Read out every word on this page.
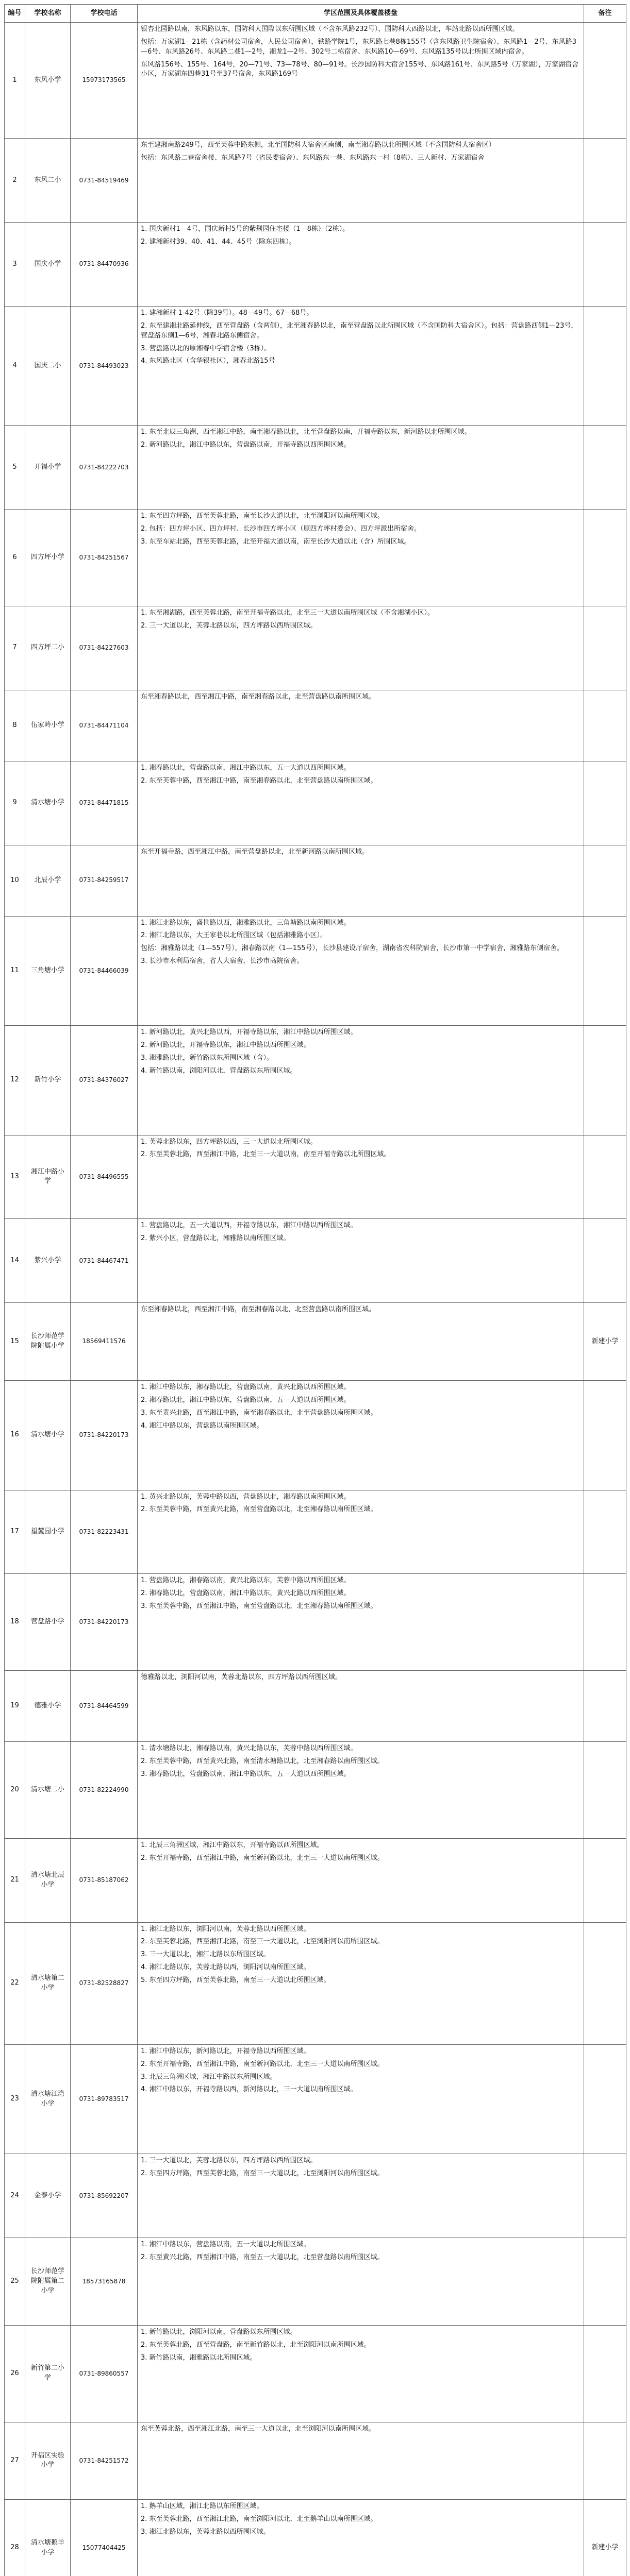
编号	学校名称	学校电话	学区范围及具体覆盖楼盘	备注
1	东风小学	15973173565	银杏北园路以南，东风路以东，国防科大国際以东所围区域（不含东风路232号），国防科大西路以北，车站北路以西所围区域。
包括：万家湖1—21栋（含药材公司宿舍，人民公司宿舍），铁路学院1号，东风路七巷8栋155号（含东风路卫生院宿舍）、东风路1—2号、东风路3—6号、东风路26号、东风路二巷1—2号，湘龙1—2号、302号二栋宿舍、东风路10—69号、东风路135号以北所围区域内宿舍。
东风路156号、155号、164号，20—71号、73—78号、80—91号。长沙国防科大宿舍155号、东风路161号、东风路5号（万家湖），万家湖宿舍小区，万家湖东四巷31号至37号宿舍，东风路169号	

2	东风二小	0731-84519469	东至建湘南路249号，西至芙蓉中路东侧，北至国防科大宿舍区南侧，南至湘春路以北所围区域（不含国防科大宿舍区）
包括：东风路二巷宿舍楼、东风路7号（省民委宿舍）、东风路东一巷、东风路东一村（8栋）、三人新村、万家湖宿舍	

3	国庆小学	0731-84470936	1. 国庆新村1—4号，国庆新村5号的紫荆园住宅楼（1—8栋）（2栋）。
2. 建湘新村39、40、41、44、45号（除东四栋）。	

4	国庆二小	0731-84493023	1. 建湘新村 1-42号（除39号）。48—49号。67—68号。
2. 东至建湘北路延伸线，西至营盘路（含两侧），北至湘春路以北，南至营盘路以北所围区域（不含国防科大宿舍区）。包括：营盘路西侧1—23号，营盘路东侧1—6号，湘春北路东侧宿舍。
3. 营盘路以北的原湘春中学宿舍楼（3栋）。
4. 东风路北区（含华银社区），湘春北路15号	

5	开福小学	0731-84222703	1. 东至北辰三角洲，西至湘江中路，南至湘春路以北，北至营盘路以南，开福寺路以东，新河路以北所围区域。
2. 新河路以北，湘江中路以东，营盘路以南，开福寺路以西所围区域。	

6	四方坪小学	0731-84251567	1. 东至四方坪路，西至芙蓉北路，南至长沙大道以北，北至浏阳河以南所围区域。
2. 包括：四方坪小区、四方坪村、长沙市四方坪小区（原四方坪村委会）、四方坪派出所宿舍。
3. 东至车站北路，西至芙蓉北路，北至开福大道以南，南至长沙大道以北（含）所围区域。	

7	四方坪二小	0731-84227603	1. 东至湘湖路，西至芙蓉北路，南至开福寺路以北，北至三一大道以南所围区域（不含湘湖小区）。
2. 三一大道以北，芙蓉北路以东，四方坪路以西所围区域。	

8	伍家岭小学	0731-84471104	东至湘春路以北，西至湘江中路，南至湘春路以北，北至营盘路以南所围区域。	

9	清水塘小学	0731-84471815	1. 湘春路以北，营盘路以南，湘江中路以东，五一大道以西所围区域。
2. 东至芙蓉中路，西至湘江中路，南至湘春路以北，北至营盘路以南所围区域。	

10	北辰小学	0731-84259517	东至开福寺路，西至湘江中路，南至营盘路以北，北至新河路以南所围区域。	

11	三角塘小学	0731-84466039	1. 湘江北路以东，盛世路以西，湘雅路以北，三角塘路以南所围区域。
2. 湘江北路以东，大王家巷以北所围区域（包括湘雅路小区）。
包括：湘雅路以北（1—557号），湘春路以南（1—155号），长沙县建设厅宿舍，湖南省农科院宿舍，长沙市第一中学宿舍，湘雅路东侧宿舍。
3. 长沙市水利局宿舍，省人大宿舍，长沙市高院宿舍。	

12	新竹小学	0731-84376027	1. 新河路以北，黄兴北路以西，开福寺路以东，湘江中路以西所围区域。
2. 新河路以北，开福寺路以东，湘江中路以西所围区域。
3. 湘雅路以北，新竹路以东所围区域（含）。
4. 新竹路以南，浏阳河以北，营盘路以东所围区域。	

13	湘江中路小学	0731-84496555	1. 芙蓉北路以东，四方坪路以西，三一大道以北所围区域。
2. 东至芙蓉北路，西至湘江中路，北至三一大道以南，南至开福寺路以北所围区域。	

14	紫兴小学	0731-84467471	1. 营盘路以北，五一大道以西，开福寺路以东，湘江中路以西所围区域。
2. 紫兴小区，营盘路以北，湘雅路以南所围区域。	

15	长沙师范学院附属小学	18569411576	东至湘春路以北，西至湘江中路，南至湘春路以北，北至营盘路以南所围区域。	新建小学
16	清水塘小学	0731-84220173	1. 湘江中路以东，湘春路以北，营盘路以南，黄兴北路以西所围区域。
2. 湘春路以北，湘江中路以东，营盘路以南，五一大道以西所围区域。
3. 东至黄兴北路，西至湘江中路，南至湘春路以北，北至营盘路以南所围区域。
4. 湘江中路以东，营盘路以南所围区域。	

17	望麓园小学	0731-82223431	1. 黄兴北路以东，芙蓉中路以西，营盘路以北，湘春路以南所围区域。
2. 东至芙蓉中路，西至黄兴北路，南至营盘路以北，北至湘春路以南所围区域。	

18	营盘路小学	0731-84220173	1. 营盘路以北，湘春路以南，黄兴北路以东，芙蓉中路以西所围区域。
2. 湘春路以北，营盘路以南，湘江中路以东，黄兴北路以西所围区域。
3. 东至芙蓉中路，西至湘江中路，南至营盘路以北，北至湘春路以南所围区域。	

19	德雅小学	0731-84464599	德雅路以北，浏阳河以南，芙蓉北路以东，四方坪路以西所围区域。	

20	清水塘二小	0731-82224990	1. 清水塘路以北，湘春路以南，黄兴北路以东，芙蓉中路以西所围区域。
2. 东至芙蓉中路，西至黄兴北路，南至清水塘路以北，北至湘春路以南所围区域。
3. 湘春路以北，营盘路以南，湘江中路以东，五一大道以西所围区域。	

21	清水塘北辰小学	0731-85187062	1. 北辰三角洲区域，湘江中路以东，开福寺路以西所围区域。
2. 东至开福寺路，西至湘江中路，南至新河路以北，北至三一大道以南所围区域。	

22	清水塘第二小学	0731-82528827	1. 湘江北路以东，浏阳河以南，芙蓉北路以西所围区域。
2. 东至芙蓉北路，西至湘江北路，南至三一大道以北，北至浏阳河以南所围区域。
3. 三一大道以北，湘江北路以东所围区域。
4. 湘江北路以东，芙蓉北路以西，浏阳河以南所围区域。
5. 东至四方坪路，西至芙蓉北路，南至三一大道以北所围区域。	

23	清水塘江湾小学	0731-89783517	1. 湘江中路以东，新河路以北，开福寺路以西所围区域。
2. 东至开福寺路，西至湘江中路，南至新河路以北，北至三一大道以南所围区域。
3. 北辰三角洲区域，湘江中路以东所围区域。
4. 湘江中路以东，开福寺路以西，新河路以北，三一大道以南所围区域。	

24	金泰小学	0731-85692207	1. 三一大道以北，芙蓉北路以东，四方坪路以西所围区域。
2. 东至四方坪路，西至芙蓉北路，南至三一大道以北，北至浏阳河以南所围区域。	

25	长沙师范学院附属第二小学	18573165878	1. 湘江中路以东，营盘路以南，五一大道以北所围区域。
2. 东至黄兴北路，西至湘江中路，南至五一大道以北，北至营盘路以南所围区域。	

26	新竹第二小学	0731-89860557	1. 新竹路以北，浏阳河以南，营盘路以东所围区域。
2. 东至芙蓉北路，西至营盘路，南至新竹路以北，北至浏阳河以南所围区域。
3. 新竹路以南，湘雅路以北所围区域。	

27	开福区实验小学	0731-84251572	东至芙蓉北路，西至湘江北路，南至三一大道以北，北至浏阳河以南所围区域。	

28	清水塘鹅羊小学	15077404425	1. 鹅羊山区域，湘江北路以东所围区域。
2. 东至芙蓉北路，西至湘江北路，南至浏阳河以北，北至鹅羊山以南所围区域。
3. 湘江北路以东，芙蓉北路以西所围区域。	新建小学
